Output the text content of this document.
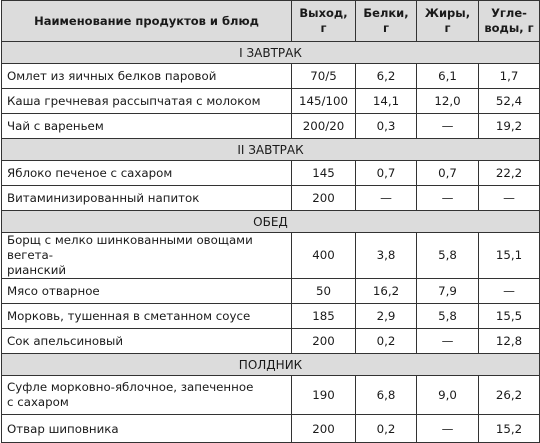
Наименование продуктов и блюд	Выход, г	Белки, г	Жиры, г	Угле-
воды, г
I ЗАВТРАК				
Омлет из яичных белков паровой	70/5	6,2	6,1	1,7
Каша гречневая рассыпчатая с молоком	145/100	14,1	12,0	52,4
Чай с вареньем	200/20	0,3	—	19,2
II ЗАВТРАК				
Яблоко печеное с сахаром	145	0,7	0,7	22,2
Витаминизированный напиток	200	—	—	—
ОБЕД				
Борщ с мелко шинкованными овощами вегета-
рианский	400	3,8	5,8	15,1
Мясо отварное	50	16,2	7,9	—
Морковь, тушенная в сметанном соусе	185	2,9	5,8	15,5
Сок апельсиновый	200	0,2	—	12,8
ПОЛДНИК				
Суфле морковно-яблочное, запеченное
с сахаром	190	6,8	9,0	26,2
Отвар шиповника	200	0,2	—	15,2
